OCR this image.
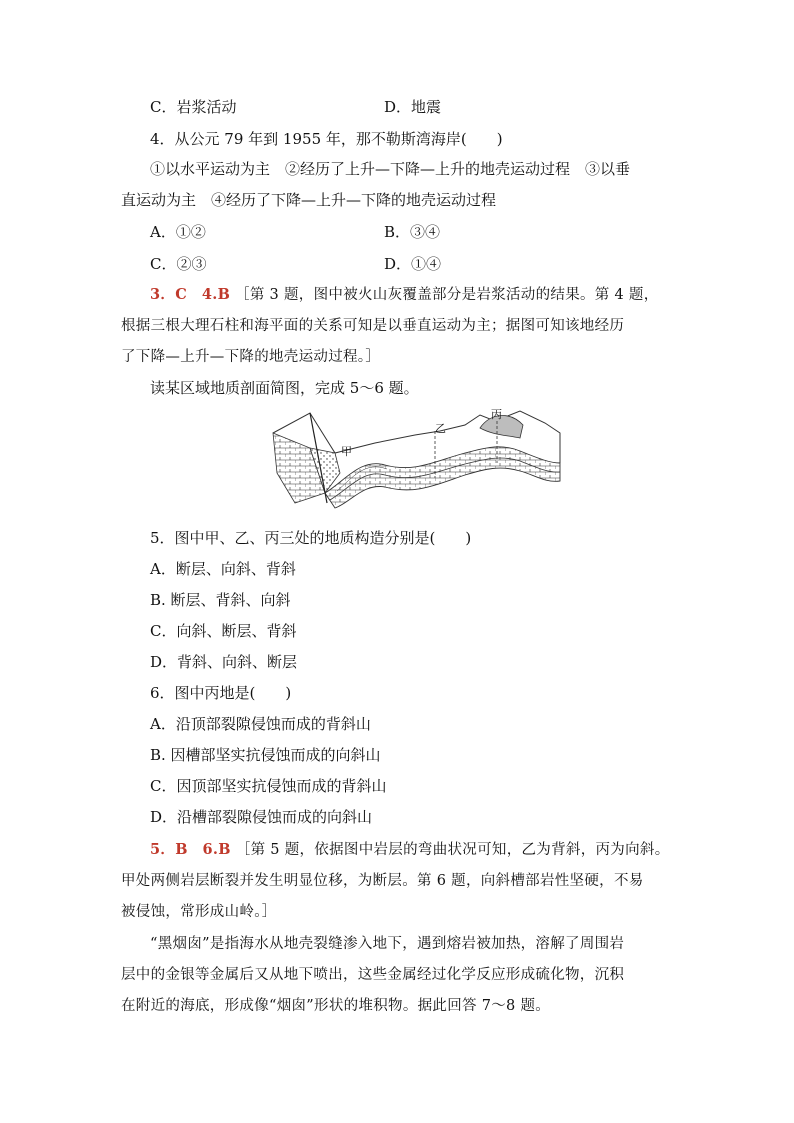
C．岩浆活动	D．地震
4．从公元 79 年到 1955 年，那不勒斯湾海岸(　　)
①以水平运动为主　②经历了上升—下降—上升的地壳运动过程　③以垂
直运动为主　④经历了下降—上升—下降的地壳运动过程
A．①②	B．③④
C．②③	D．①④
3．C　4.B ［第 3 题，图中被火山灰覆盖部分是岩浆活动的结果。第 4 题，
根据三根大理石柱和海平面的关系可知是以垂直运动为主；据图可知该地经历
了下降—上升—下降的地壳运动过程。］
读某区域地质剖面简图，完成 5～6 题。
甲
乙
丙
5．图中甲、乙、丙三处的地质构造分别是(　　)
A．断层、向斜、背斜
B. 断层、背斜、向斜
C．向斜、断层、背斜
D．背斜、向斜、断层
6．图中丙地是(　　)
A．沿顶部裂隙侵蚀而成的背斜山
B. 因槽部坚实抗侵蚀而成的向斜山
C．因顶部坚实抗侵蚀而成的背斜山
D．沿槽部裂隙侵蚀而成的向斜山
5．B　6.B ［第 5 题，依据图中岩层的弯曲状况可知，乙为背斜，丙为向斜。
甲处两侧岩层断裂并发生明显位移，为断层。第 6 题，向斜槽部岩性坚硬，不易
被侵蚀，常形成山岭。］
“黑烟囱”是指海水从地壳裂缝渗入地下，遇到熔岩被加热，溶解了周围岩
层中的金银等金属后又从地下喷出，这些金属经过化学反应形成硫化物，沉积
在附近的海底，形成像“烟囱”形状的堆积物。据此回答 7～8 题。
